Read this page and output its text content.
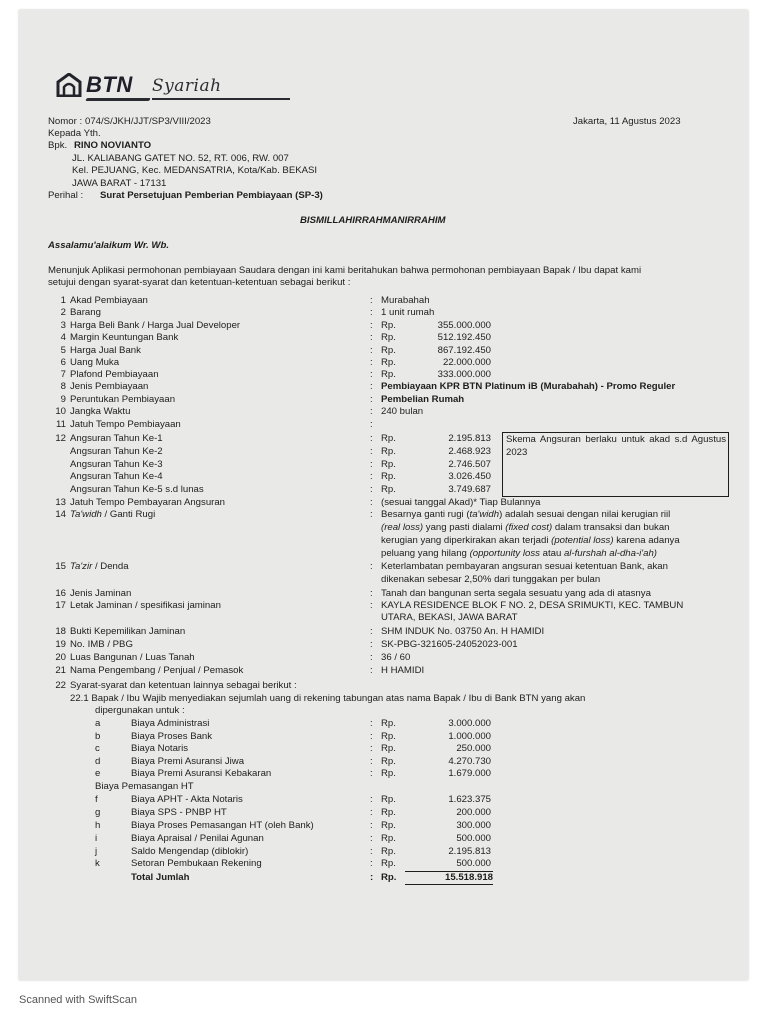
BTN Syariah
Nomor : 074/S/JKH/JJT/SP3/VIII/2023	Jakarta, 11 Agustus 2023
Kepada Yth.
Bpk. RINO NOVIANTO
JL. KALIABANG GATET NO. 52, RT. 006, RW. 007
Kel. PEJUANG, Kec. MEDANSATRIA, Kota/Kab. BEKASI
JAWA BARAT - 17131
Perihal : Surat Persetujuan Pemberian Pembiayaan (SP-3)
BISMILLAHIRRAHMANIRRAHIM
Assalamu'alaikum Wr. Wb.
Menunjuk Aplikasi permohonan pembiayaan Saudara dengan ini kami beritahukan bahwa permohonan pembiayaan Bapak / Ibu dapat kami
setujui dengan syarat-syarat dan ketentuan-ketentuan sebagai berikut :
1 Akad Pembiayaan	: Murabahah
2 Barang	: 1 unit rumah
3 Harga Beli Bank / Harga Jual Developer	: Rp.	355.000.000
4 Margin Keuntungan Bank	: Rp.	512.192.450
5 Harga Jual Bank	: Rp.	867.192.450
6 Uang Muka	: Rp.	22.000.000
7 Plafond Pembiayaan	: Rp.	333.000.000
8 Jenis Pembiayaan	: Pembiayaan KPR BTN Platinum iB (Murabahah) - Promo Reguler
9 Peruntukan Pembiayaan	: Pembelian Rumah
10 Jangka Waktu	: 240 bulan
11 Jatuh Tempo Pembiayaan	:
12 Angsuran Tahun Ke-1	: Rp.	2.195.813
Angsuran Tahun Ke-2	: Rp.	2.468.923
Angsuran Tahun Ke-3	: Rp.	2.746.507
Angsuran Tahun Ke-4	: Rp.	3.026.450
Angsuran Tahun Ke-5 s.d lunas	: Rp.	3.749.687
13 Jatuh Tempo Pembayaran Angsuran	: (sesuai tanggal Akad)* Tiap Bulannya
Skema Angsuran berlaku untuk akad s.d Agustus 2023
14 Ta'widh / Ganti Rugi	: Besarnya ganti rugi (ta'widh) adalah sesuai dengan nilai kerugian riil
(real loss) yang pasti dialami (fixed cost) dalam transaksi dan bukan
kerugian yang diperkirakan akan terjadi (potential loss) karena adanya
peluang yang hilang (opportunity loss atau al-furshah al-dha-i'ah)
15 Ta'zir / Denda	: Keterlambatan pembayaran angsuran sesuai ketentuan Bank, akan
dikenakan sebesar 2,50% dari tunggakan per bulan
16 Jenis Jaminan	: Tanah dan bangunan serta segala sesuatu yang ada di atasnya
17 Letak Jaminan / spesifikasi jaminan	: KAYLA RESIDENCE BLOK F NO. 2, DESA SRIMUKTI, KEC. TAMBUN
UTARA, BEKASI, JAWA BARAT
18 Bukti Kepemilikan Jaminan	: SHM INDUK No. 03750 An. H HAMIDI
19 No. IMB / PBG	: SK-PBG-321605-24052023-001
20 Luas Bangunan / Luas Tanah	: 36 / 60
21 Nama Pengembang / Penjual / Pemasok	: H HAMIDI
22 Syarat-syarat dan ketentuan lainnya sebagai berikut :
22.1 Bapak / Ibu Wajib menyediakan sejumlah uang di rekening tabungan atas nama Bapak / Ibu di Bank BTN yang akan
dipergunakan untuk :
a	Biaya Administrasi	: Rp.	3.000.000
b	Biaya Proses Bank	: Rp.	1.000.000
c	Biaya Notaris	: Rp.	250.000
d	Biaya Premi Asuransi Jiwa	: Rp.	4.270.730
e	Biaya Premi Asuransi Kebakaran	: Rp.	1.679.000
Biaya Pemasangan HT
f	Biaya APHT - Akta Notaris	: Rp.	1.623.375
g	Biaya SPS - PNBP HT	: Rp.	200.000
h	Biaya Proses Pemasangan HT (oleh Bank)	: Rp.	300.000
i	Biaya Apraisal / Penilai Agunan	: Rp.	500.000
j	Saldo Mengendap (diblokir)	: Rp.	2.195.813
k	Setoran Pembukaan Rekening	: Rp.	500.000
Total Jumlah	: Rp.	15.518.918
Scanned with SwiftScan
